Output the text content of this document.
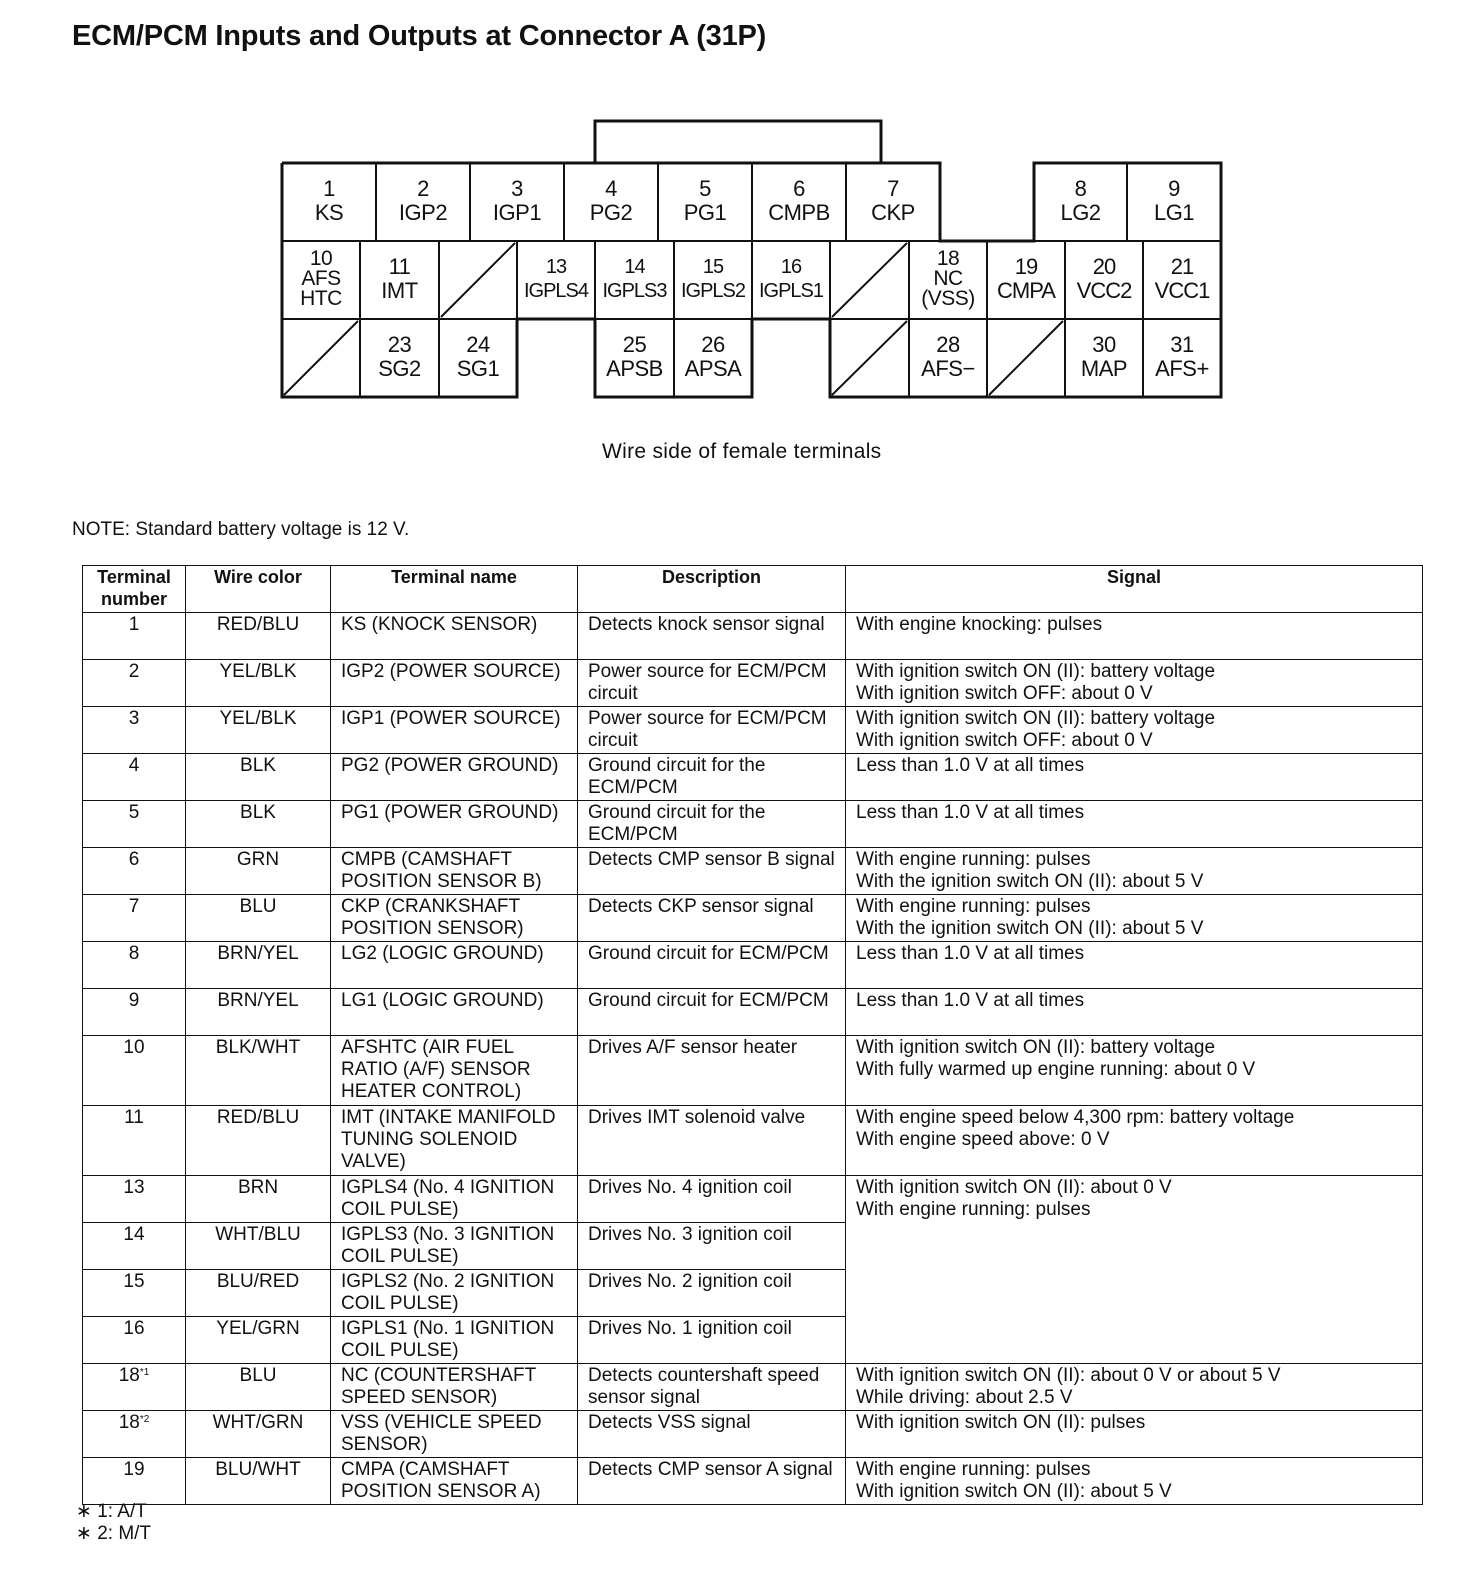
ECM/PCM Inputs and Outputs at Connector A (31P)
1
KS
2
IGP2
3
IGP1
4
PG2
5
PG1
6
CMPB
7
CKP
8
LG2
9
LG1
10
AFS
HTC
11
IMT
13
IGPLS4
14
IGPLS3
15
IGPLS2
16
IGPLS1
18
NC
(VSS)
19
CMPA
20
VCC2
21
VCC1
23
SG2
24
SG1
25
APSB
26
APSA
28
AFS−
30
MAP
31
AFS+
Wire side of female terminals
NOTE: Standard battery voltage is 12 V.
Terminal
number	Wire color	Terminal name	Description	Signal
1	RED/BLU	KS (KNOCK SENSOR)	Detects knock sensor signal	With engine knocking: pulses
2	YEL/BLK	IGP2 (POWER SOURCE)	Power source for ECM/PCM circuit	With ignition switch ON (II): battery voltage
With ignition switch OFF: about 0 V
3	YEL/BLK	IGP1 (POWER SOURCE)	Power source for ECM/PCM circuit	With ignition switch ON (II): battery voltage
With ignition switch OFF: about 0 V
4	BLK	PG2 (POWER GROUND)	Ground circuit for the ECM/PCM	Less than 1.0 V at all times
5	BLK	PG1 (POWER GROUND)	Ground circuit for the ECM/PCM	Less than 1.0 V at all times
6	GRN	CMPB (CAMSHAFT POSITION SENSOR B)	Detects CMP sensor B signal	With engine running: pulses
With the ignition switch ON (II): about 5 V
7	BLU	CKP (CRANKSHAFT POSITION SENSOR)	Detects CKP sensor signal	With engine running: pulses
With the ignition switch ON (II): about 5 V
8	BRN/YEL	LG2 (LOGIC GROUND)	Ground circuit for ECM/PCM	Less than 1.0 V at all times
9	BRN/YEL	LG1 (LOGIC GROUND)	Ground circuit for ECM/PCM	Less than 1.0 V at all times
10	BLK/WHT	AFSHTC (AIR FUEL RATIO (A/F) SENSOR HEATER CONTROL)	Drives A/F sensor heater	With ignition switch ON (II): battery voltage
With fully warmed up engine running: about 0 V
11	RED/BLU	IMT (INTAKE MANIFOLD TUNING SOLENOID VALVE)	Drives IMT solenoid valve	With engine speed below 4,300 rpm: battery voltage
With engine speed above: 0 V
13	BRN	IGPLS4 (No. 4 IGNITION COIL PULSE)	Drives No. 4 ignition coil	With ignition switch ON (II): about 0 V
With engine running: pulses
14	WHT/BLU	IGPLS3 (No. 3 IGNITION COIL PULSE)	Drives No. 3 ignition coil	
15	BLU/RED	IGPLS2 (No. 2 IGNITION COIL PULSE)	Drives No. 2 ignition coil	
16	YEL/GRN	IGPLS1 (No. 1 IGNITION COIL PULSE)	Drives No. 1 ignition coil	
18$^{*1}$	BLU	NC (COUNTERSHAFT SPEED SENSOR)	Detects countershaft speed sensor signal	With ignition switch ON (II): about 0 V or about 5 V
While driving: about 2.5 V
18$^{*2}$	WHT/GRN	VSS (VEHICLE SPEED SENSOR)	Detects VSS signal	With ignition switch ON (II): pulses
19	BLU/WHT	CMPA (CAMSHAFT POSITION SENSOR A)	Detects CMP sensor A signal	With engine running: pulses
With ignition switch ON (II): about 5 V
∗ 1: A/T
∗ 2: M/T
